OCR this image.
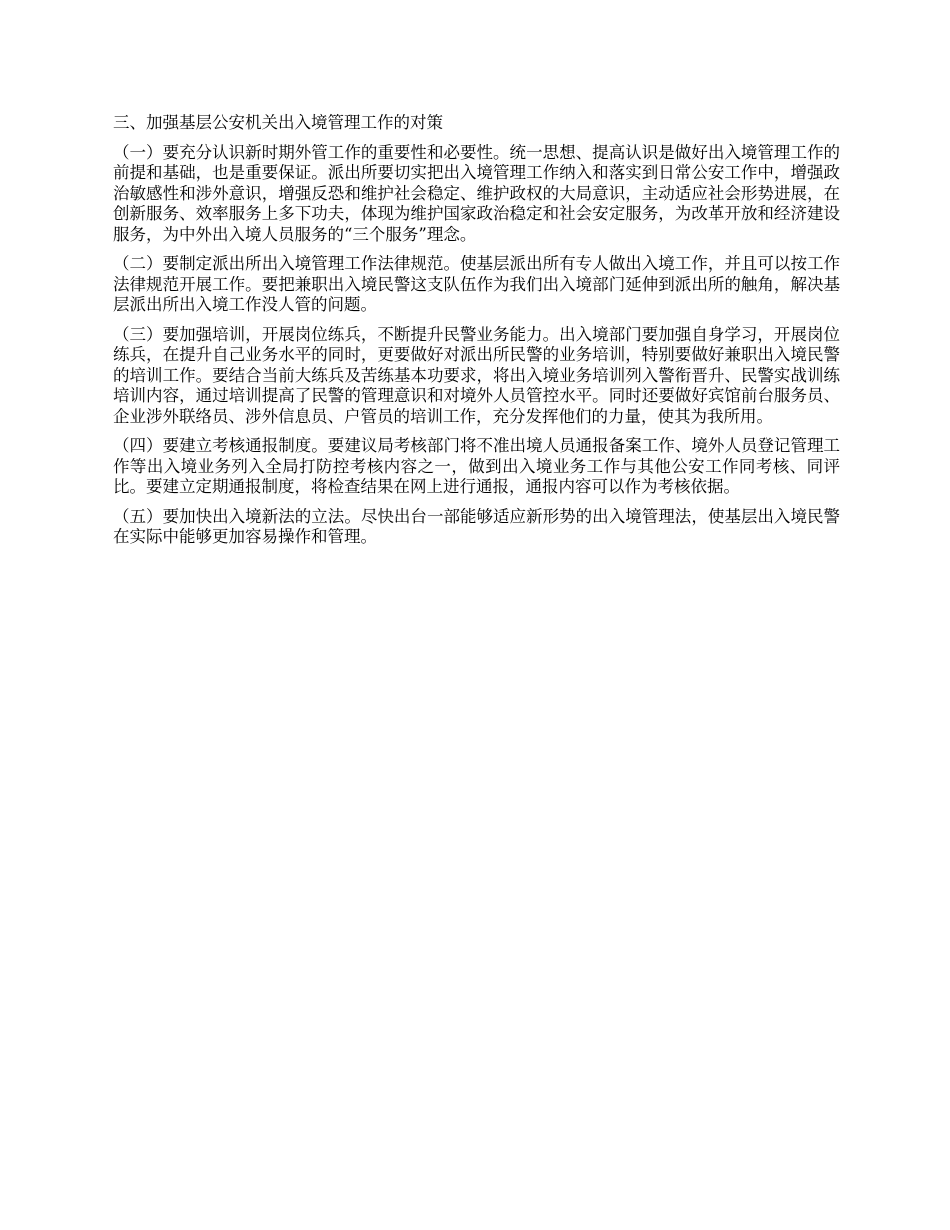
三、加强基层公安机关出入境管理工作的对策

（一）要充分认识新时期外管工作的重要性和必要性。统一思想、提高认识是做好出入境管理工作的前提和基础，也是重要保证。派出所要切实把出入境管理工作纳入和落实到日常公安工作中，增强政治敏感性和涉外意识，增强反恐和维护社会稳定、维护政权的大局意识，主动适应社会形势进展，在创新服务、效率服务上多下功夫，体现为维护国家政治稳定和社会安定服务，为改革开放和经济建设服务，为中外出入境人员服务的“三个服务”理念。

（二）要制定派出所出入境管理工作法律规范。使基层派出所有专人做出入境工作，并且可以按工作法律规范开展工作。要把兼职出入境民警这支队伍作为我们出入境部门延伸到派出所的触角，解决基层派出所出入境工作没人管的问题。

（三）要加强培训，开展岗位练兵，不断提升民警业务能力。出入境部门要加强自身学习，开展岗位练兵，在提升自己业务水平的同时，更要做好对派出所民警的业务培训，特别要做好兼职出入境民警的培训工作。要结合当前大练兵及苦练基本功要求，将出入境业务培训列入警衔晋升、民警实战训练培训内容，通过培训提高了民警的管理意识和对境外人员管控水平。同时还要做好宾馆前台服务员、企业涉外联络员、涉外信息员、户管员的培训工作，充分发挥他们的力量，使其为我所用。

（四）要建立考核通报制度。要建议局考核部门将不准出境人员通报备案工作、境外人员登记管理工作等出入境业务列入全局打防控考核内容之一，做到出入境业务工作与其他公安工作同考核、同评比。要建立定期通报制度，将检查结果在网上进行通报，通报内容可以作为考核依据。

（五）要加快出入境新法的立法。尽快出台一部能够适应新形势的出入境管理法，使基层出入境民警在实际中能够更加容易操作和管理。
